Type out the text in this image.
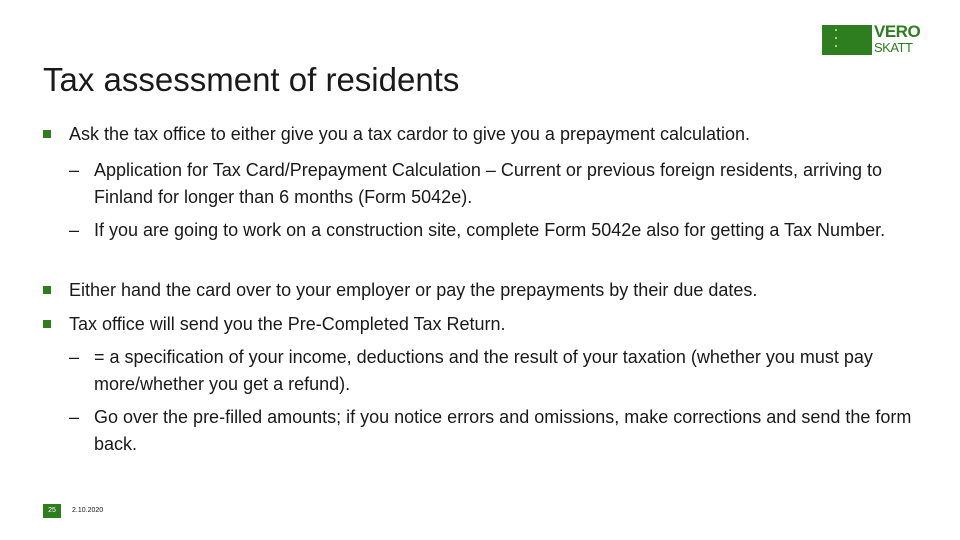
VERO
SKATT
Tax assessment of residents
Ask the tax office to either give you a tax cardor to give you a prepayment calculation.
– Application for Tax Card/Prepayment Calculation – Current or previous foreign residents, arriving to Finland for longer than 6 months (Form 5042e).
– If you are going to work on a construction site, complete Form 5042e also for getting a Tax Number.
Either hand the card over to your employer or pay the prepayments by their due dates.
Tax office will send you the Pre-Completed Tax Return.
– = a specification of your income, deductions and the result of your taxation (whether you must pay more/whether you get a refund).
– Go over the pre-filled amounts; if you notice errors and omissions, make corrections and send the form back.
25	2.10.2020
